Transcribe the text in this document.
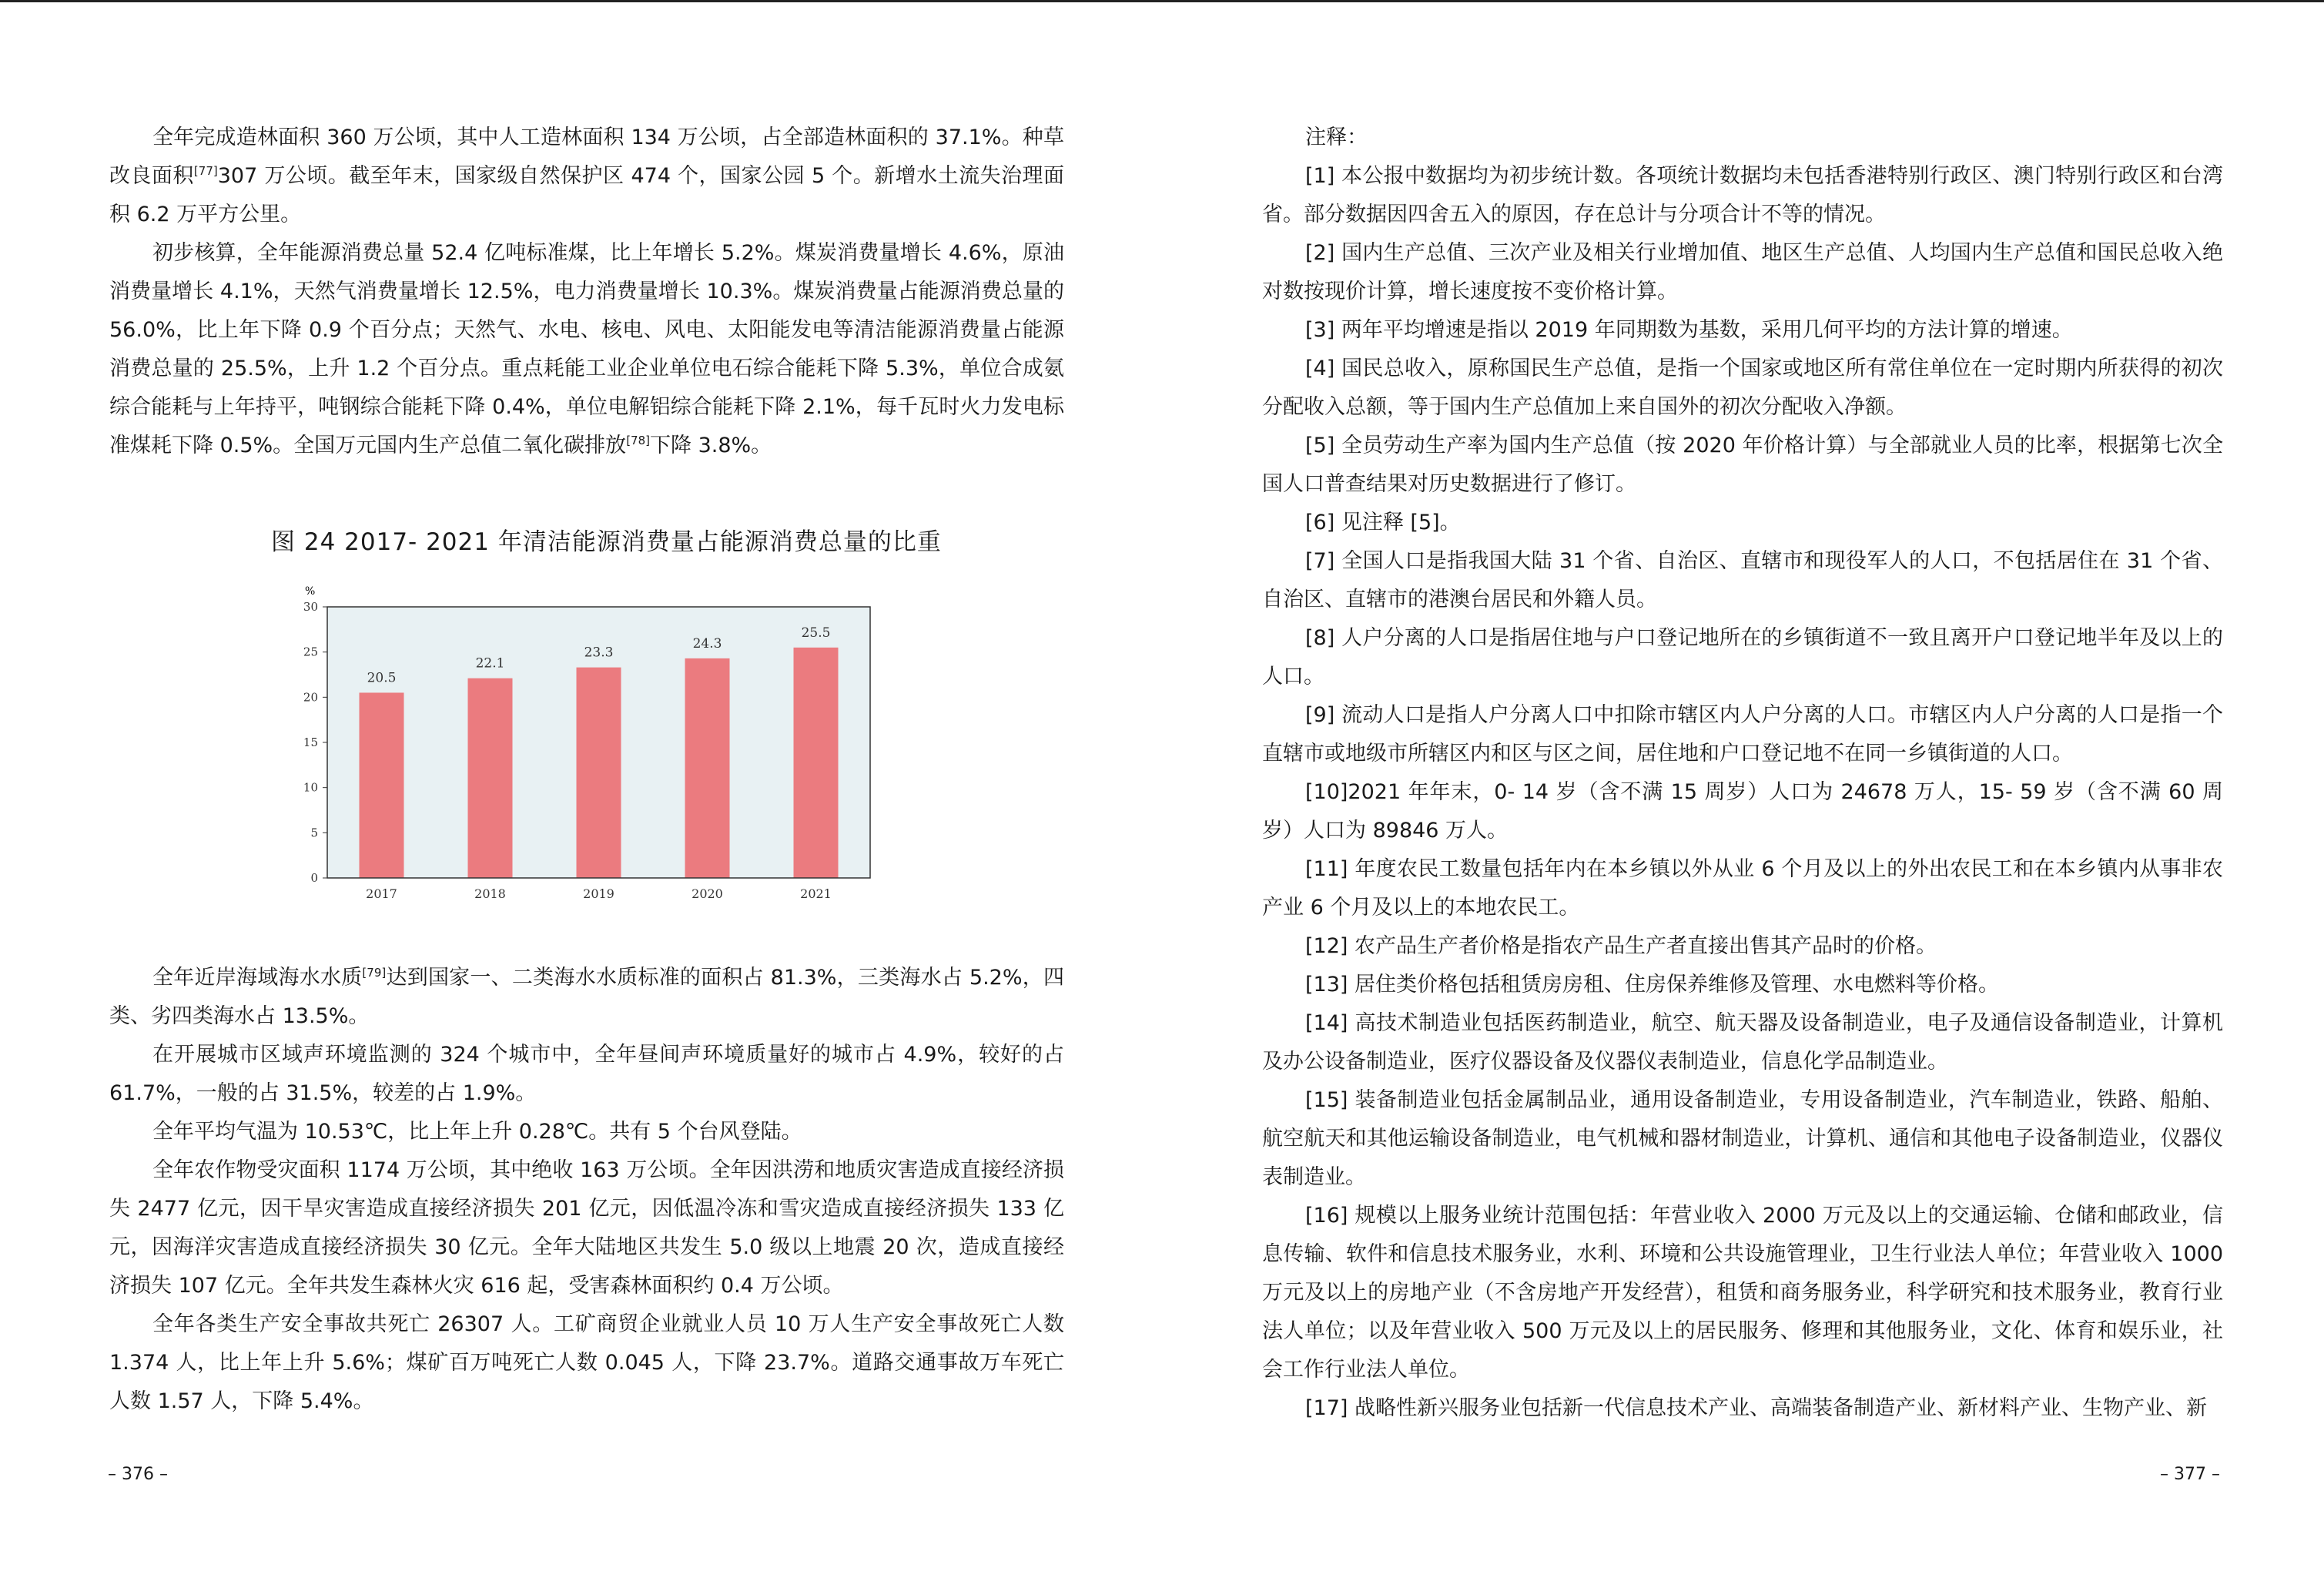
全年完成造林面积 360 万公顷，其中人工造林面积 134 万公顷，占全部造林面积的 37.1%。种草改良面积[77]307 万公顷。截至年末，国家级自然保护区 474 个，国家公园 5 个。新增水土流失治理面积 6.2 万平方公里。

初步核算，全年能源消费总量 52.4 亿吨标准煤，比上年增长 5.2%。煤炭消费量增长 4.6%，原油消费量增长 4.1%，天然气消费量增长 12.5%，电力消费量增长 10.3%。煤炭消费量占能源消费总量的 56.0%，比上年下降 0.9 个百分点；天然气、水电、核电、风电、太阳能发电等清洁能源消费量占能源消费总量的 25.5%，上升 1.2 个百分点。重点耗能工业企业单位电石综合能耗下降 5.3%，单位合成氨综合能耗与上年持平，吨钢综合能耗下降 0.4%，单位电解铝综合能耗下降 2.1%，每千瓦时火力发电标准煤耗下降 0.5%。全国万元国内生产总值二氧化碳排放[78]下降 3.8%。

图 24 2017- 2021 年清洁能源消费量占能源消费总量的比重
0
5
10
15
20
25
30
20.5
22.1
23.3
24.3
25.5
2017	2018	2019	2020	2021
%

全年近岸海域海水水质[79]达到国家一、二类海水水质标准的面积占 81.3%，三类海水占 5.2%，四类、劣四类海水占 13.5%。

在开展城市区域声环境监测的 324 个城市中，全年昼间声环境质量好的城市占 4.9%，较好的占 61.7%，一般的占 31.5%，较差的占 1.9%。

全年平均气温为 10.53℃，比上年上升 0.28℃。共有 5 个台风登陆。

全年农作物受灾面积 1174 万公顷，其中绝收 163 万公顷。全年因洪涝和地质灾害造成直接经济损失 2477 亿元，因干旱灾害造成直接经济损失 201 亿元，因低温冷冻和雪灾造成直接经济损失 133 亿元，因海洋灾害造成直接经济损失 30 亿元。全年大陆地区共发生 5.0 级以上地震 20 次，造成直接经济损失 107 亿元。全年共发生森林火灾 616 起，受害森林面积约 0.4 万公顷。

全年各类生产安全事故共死亡 26307 人。工矿商贸企业就业人员 10 万人生产安全事故死亡人数 1.374 人，比上年上升 5.6%；煤矿百万吨死亡人数 0.045 人，下降 23.7%。道路交通事故万车死亡人数 1.57 人，下降 5.4%。

– 376 –

注释：

[1] 本公报中数据均为初步统计数。各项统计数据均未包括香港特别行政区、澳门特别行政区和台湾省。部分数据因四舍五入的原因，存在总计与分项合计不等的情况。

[2] 国内生产总值、三次产业及相关行业增加值、地区生产总值、人均国内生产总值和国民总收入绝对数按现价计算，增长速度按不变价格计算。

[3] 两年平均增速是指以 2019 年同期数为基数，采用几何平均的方法计算的增速。

[4] 国民总收入，原称国民生产总值，是指一个国家或地区所有常住单位在一定时期内所获得的初次分配收入总额，等于国内生产总值加上来自国外的初次分配收入净额。

[5] 全员劳动生产率为国内生产总值（按 2020 年价格计算）与全部就业人员的比率，根据第七次全国人口普查结果对历史数据进行了修订。

[6] 见注释 [5]。

[7] 全国人口是指我国大陆 31 个省、自治区、直辖市和现役军人的人口，不包括居住在 31 个省、自治区、直辖市的港澳台居民和外籍人员。

[8] 人户分离的人口是指居住地与户口登记地所在的乡镇街道不一致且离开户口登记地半年及以上的人口。

[9] 流动人口是指人户分离人口中扣除市辖区内人户分离的人口。市辖区内人户分离的人口是指一个直辖市或地级市所辖区内和区与区之间，居住地和户口登记地不在同一乡镇街道的人口。

[10]2021 年年末，0- 14 岁（含不满 15 周岁）人口为 24678 万人，15- 59 岁（含不满 60 周岁）人口为 89846 万人。

[11] 年度农民工数量包括年内在本乡镇以外从业 6 个月及以上的外出农民工和在本乡镇内从事非农产业 6 个月及以上的本地农民工。

[12] 农产品生产者价格是指农产品生产者直接出售其产品时的价格。

[13] 居住类价格包括租赁房房租、住房保养维修及管理、水电燃料等价格。

[14] 高技术制造业包括医药制造业，航空、航天器及设备制造业，电子及通信设备制造业，计算机及办公设备制造业，医疗仪器设备及仪器仪表制造业，信息化学品制造业。

[15] 装备制造业包括金属制品业，通用设备制造业，专用设备制造业，汽车制造业，铁路、船舶、航空航天和其他运输设备制造业，电气机械和器材制造业，计算机、通信和其他电子设备制造业，仪器仪表制造业。

[16] 规模以上服务业统计范围包括：年营业收入 2000 万元及以上的交通运输、仓储和邮政业，信息传输、软件和信息技术服务业，水利、环境和公共设施管理业，卫生行业法人单位；年营业收入 1000 万元及以上的房地产业（不含房地产开发经营），租赁和商务服务业，科学研究和技术服务业，教育行业法人单位；以及年营业收入 500 万元及以上的居民服务、修理和其他服务业，文化、体育和娱乐业，社会工作行业法人单位。

[17] 战略性新兴服务业包括新一代信息技术产业、高端装备制造产业、新材料产业、生物产业、新

– 377 –
